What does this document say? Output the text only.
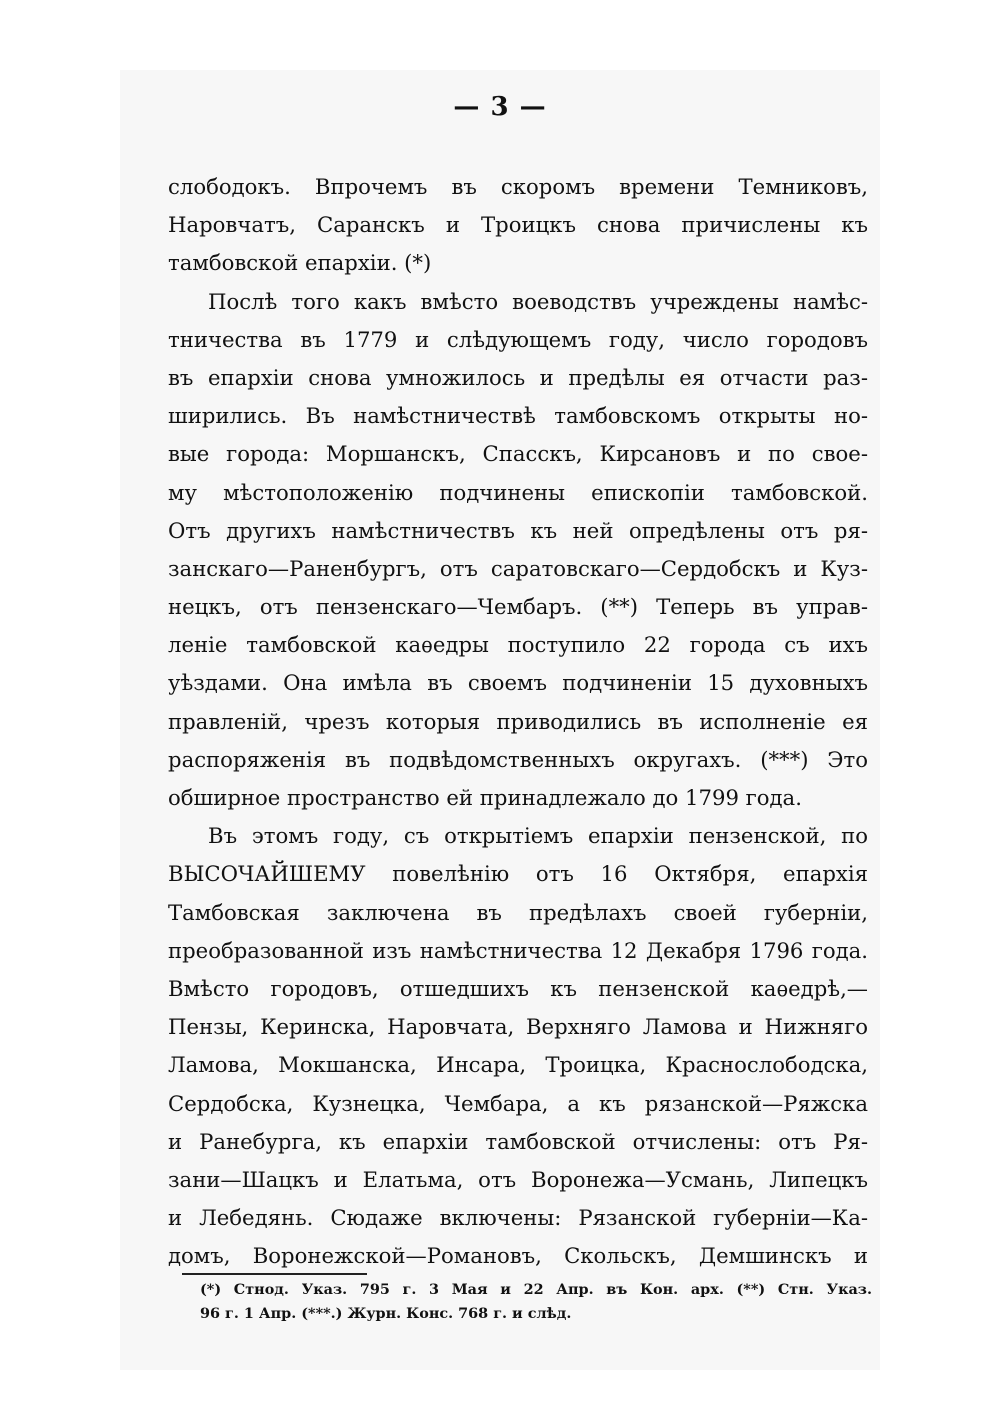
— 3 —
слободокъ. Впрочемъ въ скоромъ времени Темниковъ,
Наровчатъ, Саранскъ и Троицкъ снова причислены къ
тамбовской епархіи. (*)
Послѣ того какъ вмѣсто воеводствъ учреждены намѣс-
тничества въ 1779 и слѣдующемъ году, число городовъ
въ епархіи снова умножилось и предѣлы ея отчасти раз-
ширились. Въ намѣстничествѣ тамбовскомъ открыты но-
вые города: Моршанскъ, Спасскъ, Кирсановъ и по свое-
му мѣстоположенію подчинены епископіи тамбовской.
Отъ другихъ намѣстничествъ къ ней опредѣлены отъ ря-
занскаго—Раненбургъ, отъ саратовскаго—Сердобскъ и Куз-
нецкъ, отъ пензенскаго—Чембаръ. (**) Теперь въ управ-
леніе тамбовской каѳедры поступило 22 города съ ихъ
уѣздами. Она имѣла въ своемъ подчиненіи 15 духовныхъ
правленій, чрезъ которыя приводились въ исполненіе ея
распоряженія въ подвѣдомственныхъ округахъ. (***) Это
обширное пространство ей принадлежало до 1799 года.
Въ этомъ году, съ открытіемъ епархіи пензенской, по
ВЫСОЧАЙШЕМУ повелѣнію отъ 16 Октября, епархія
Тамбовская заключена въ предѣлахъ своей губерніи,
преобразованной изъ намѣстничества 12 Декабря 1796 года.
Вмѣсто городовъ, отшедшихъ къ пензенской каѳедрѣ,—
Пензы, Керинска, Наровчата, Верхняго Ламова и Нижняго
Ламова, Мокшанска, Инсара, Троицка, Краснослободска,
Сердобска, Кузнецка, Чембара, а къ рязанской—Ряжска
и Ранебурга, къ епархіи тамбовской отчислены: отъ Ря-
зани—Шацкъ и Елатьма, отъ Воронежа—Усмань, Липецкъ
и Лебедянь. Сюдаже включены: Рязанской губерніи—Ка-
домъ, Воронежской—Романовъ, Скольскъ, Демшинскъ и
(*) Стнод. Указ. 795 г. 3 Мая и 22 Апр. въ Кон. арх. (**) Стн. Указ.
96 г. 1 Апр. (***.) Журн. Конс. 768 г. и слѣд.
